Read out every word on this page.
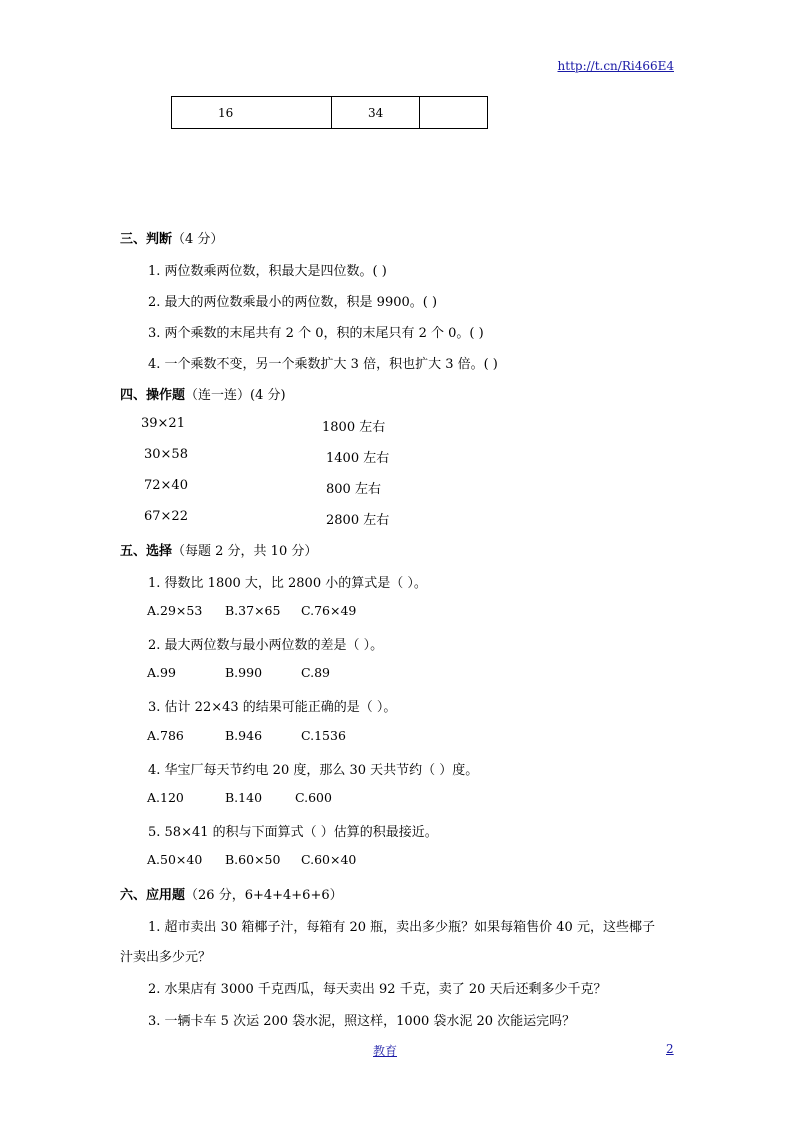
http://t.cn/Ri466E4
16	34
三、判断（4 分）
1. 两位数乘两位数，积最大是四位数。( )
2. 最大的两位数乘最小的两位数，积是 9900。( )
3. 两个乘数的末尾共有 2 个 0，积的末尾只有 2 个 0。( )
4. 一个乘数不变，另一个乘数扩大 3 倍，积也扩大 3 倍。( )
四、操作题（连一连）(4 分)
39×21
30×58
72×40
67×22
1800 左右
1400 左右
800 左右
2800 左右
五、选择（每题 2 分，共 10 分）
1. 得数比 1800 大，比 2800 小的算式是（ ）。
A.29×53 B.37×65 C.76×49
2. 最大两位数与最小两位数的差是（ ）。
A.99	B.990	C.89
3. 估计 22×43 的结果可能正确的是（ ）。
A.786	B.946	C.1536
4. 华宝厂每天节约电 20 度，那么 30 天共节约（ ）度。
A.120	B.140	C.600
5. 58×41 的积与下面算式（ ）估算的积最接近。
A.50×40 B.60×50 C.60×40
六、应用题（26 分，6+4+4+6+6）
1. 超市卖出 30 箱椰子汁，每箱有 20 瓶，卖出多少瓶？如果每箱售价 40 元，这些椰子
汁卖出多少元？
2. 水果店有 3000 千克西瓜，每天卖出 92 千克，卖了 20 天后还剩多少千克？
3. 一辆卡车 5 次运 200 袋水泥，照这样，1000 袋水泥 20 次能运完吗？
教育	2
